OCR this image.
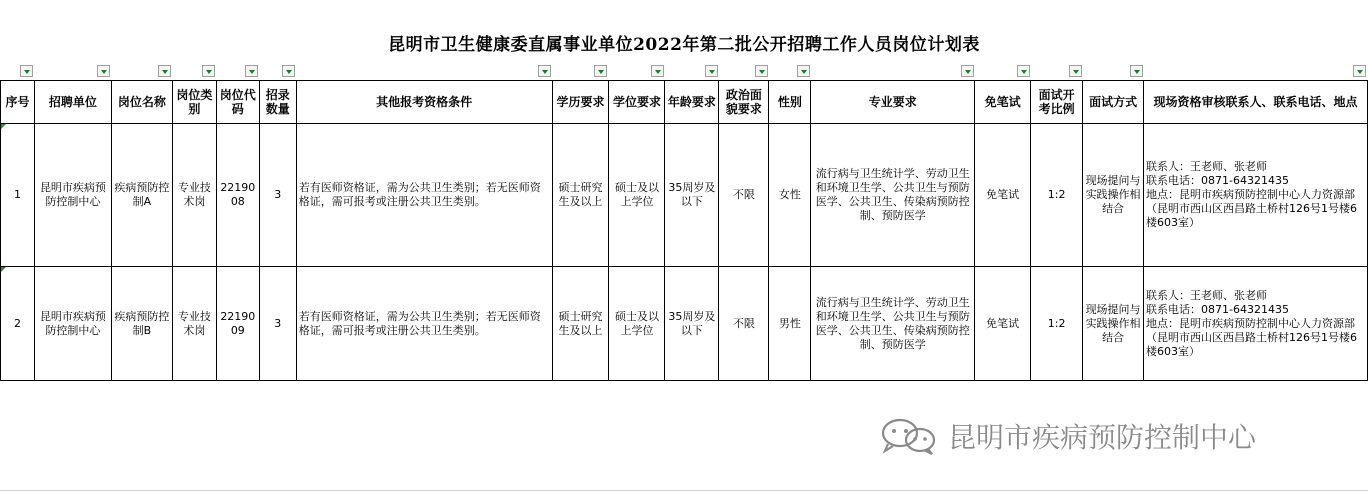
昆明市卫生健康委直属事业单位2022年第二批公开招聘工作人员岗位计划表
序号	招聘单位	岗位名称	岗位类别	岗位代码	招录数量	其他报考资格条件	学历要求	学位要求	年龄要求	政治面貌要求	性别	专业要求	免笔试	面试开考比例	面试方式	现场资格审核联系人、联系电话、地点

1	昆明市疾病预防控制中心	疾病预防控制A	专业技术岗	2219008	3	若有医师资格证，需为公共卫生类别；若无医师资格证，需可报考或注册公共卫生类别。	硕士研究生及以上	硕士及以上学位	35周岁及以下	不限	女性	流行病与卫生统计学、劳动卫生和环境卫生学、公共卫生与预防医学、公共卫生、传染病预防控制、预防医学	免笔试	1:2	现场提问与实践操作相结合	联系人：王老师、张老师
联系电话：0871-64321435
地点：昆明市疾病预防控制中心人力资源部（昆明市西山区西昌路土桥村126号1号楼6楼603室）

2	昆明市疾病预防控制中心	疾病预防控制B	专业技术岗	2219009	3	若有医师资格证，需为公共卫生类别；若无医师资格证，需可报考或注册公共卫生类别。	硕士研究生及以上	硕士及以上学位	35周岁及以下	不限	男性	流行病与卫生统计学、劳动卫生和环境卫生学、公共卫生与预防医学、公共卫生、传染病预防控制、预防医学	免笔试	1:2	现场提问与实践操作相结合	联系人：王老师、张老师
联系电话：0871-64321435
地点：昆明市疾病预防控制中心人力资源部（昆明市西山区西昌路土桥村126号1号楼6楼603室）
昆明市疾病预防控制中心
